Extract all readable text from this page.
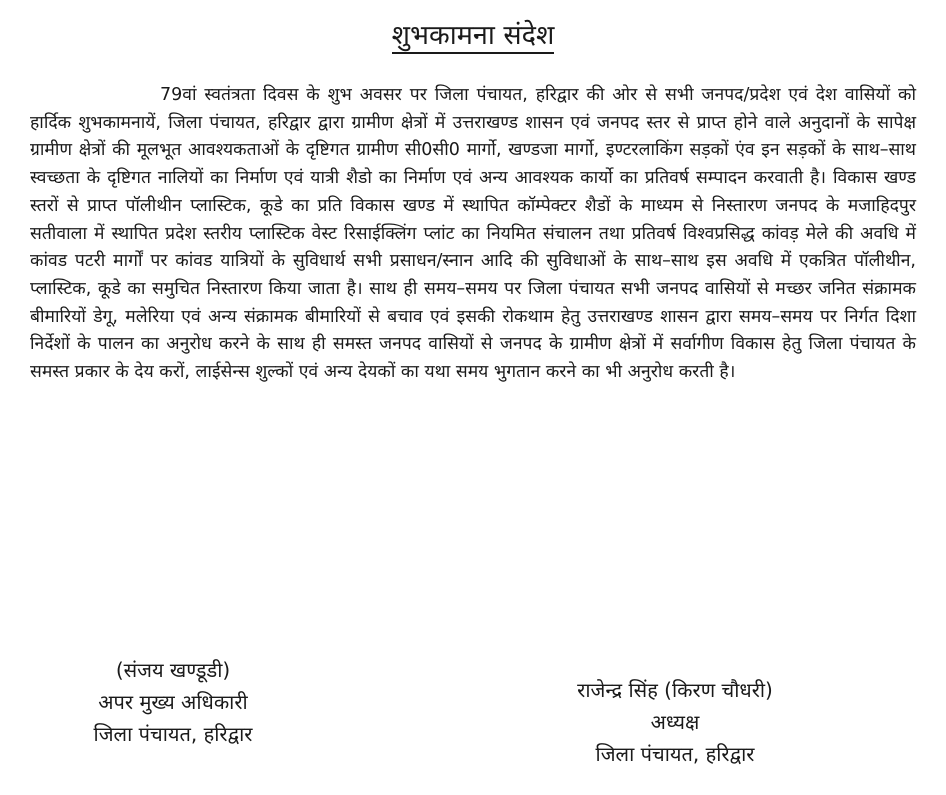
शुभकामना संदेश

79वां स्वतंत्रता दिवस के शुभ अवसर पर जिला पंचायत, हरिद्वार की ओर से सभी जनपद/प्रदेश एवं देश वासियों को हार्दिक शुभकामनायें, जिला पंचायत, हरिद्वार द्वारा ग्रामीण क्षेत्रों में उत्तराखण्ड शासन एवं जनपद स्तर से प्राप्त होने वाले अनुदानों के सापेक्ष ग्रामीण क्षेत्रों की मूलभूत आवश्यकताओं के दृष्टिगत ग्रामीण सी0सी0 मार्गो, खण्डजा मार्गो, इण्टरलाकिंग सड़कों एंव इन सड़कों के साथ–साथ स्वच्छता के दृष्टिगत नालियों का निर्माण एवं यात्री शैडो का निर्माण एवं अन्य आवश्यक कार्यो का प्रतिवर्ष सम्पादन करवाती है। विकास खण्ड स्तरों से प्राप्त पॉलीथीन प्लास्टिक, कूडे का प्रति विकास खण्ड में स्थापित कॉम्पेक्टर शैडों के माध्यम से निस्तारण जनपद के मजाहिदपुर सतीवाला में स्थापित प्रदेश स्तरीय प्लास्टिक वेस्ट रिसाईक्लिंग प्लांट का नियमित संचालन तथा प्रतिवर्ष विश्वप्रसिद्ध कांवड़ मेले की अवधि में कांवड पटरी मार्गों पर कांवड यात्रियों के सुविधार्थ सभी प्रसाधन/स्नान आदि की सुविधाओं के साथ–साथ इस अवधि में एकत्रित पॉलीथीन, प्लास्टिक, कूडे का समुचित निस्तारण किया जाता है। साथ ही समय–समय पर जिला पंचायत सभी जनपद वासियों से मच्छर जनित संक्रामक बीमारियों डेगू, मलेरिया एवं अन्य संक्रामक बीमारियों से बचाव एवं इसकी रोकथाम हेतु उत्तराखण्ड शासन द्वारा समय–समय पर निर्गत दिशा निर्देशों के पालन का अनुरोध करने के साथ ही समस्त जनपद वासियों से जनपद के ग्रामीण क्षेत्रों में सर्वागीण विकास हेतु जिला पंचायत के समस्त प्रकार के देय करों, लाईसेन्स शुल्कों एवं अन्य देयकों का यथा समय भुगतान करने का भी अनुरोध करती है।

(संजय खण्डूडी)
अपर मुख्य अधिकारी
जिला पंचायत, हरिद्वार
राजेन्द्र सिंह (किरण चौधरी)
अध्यक्ष
जिला पंचायत, हरिद्वार
